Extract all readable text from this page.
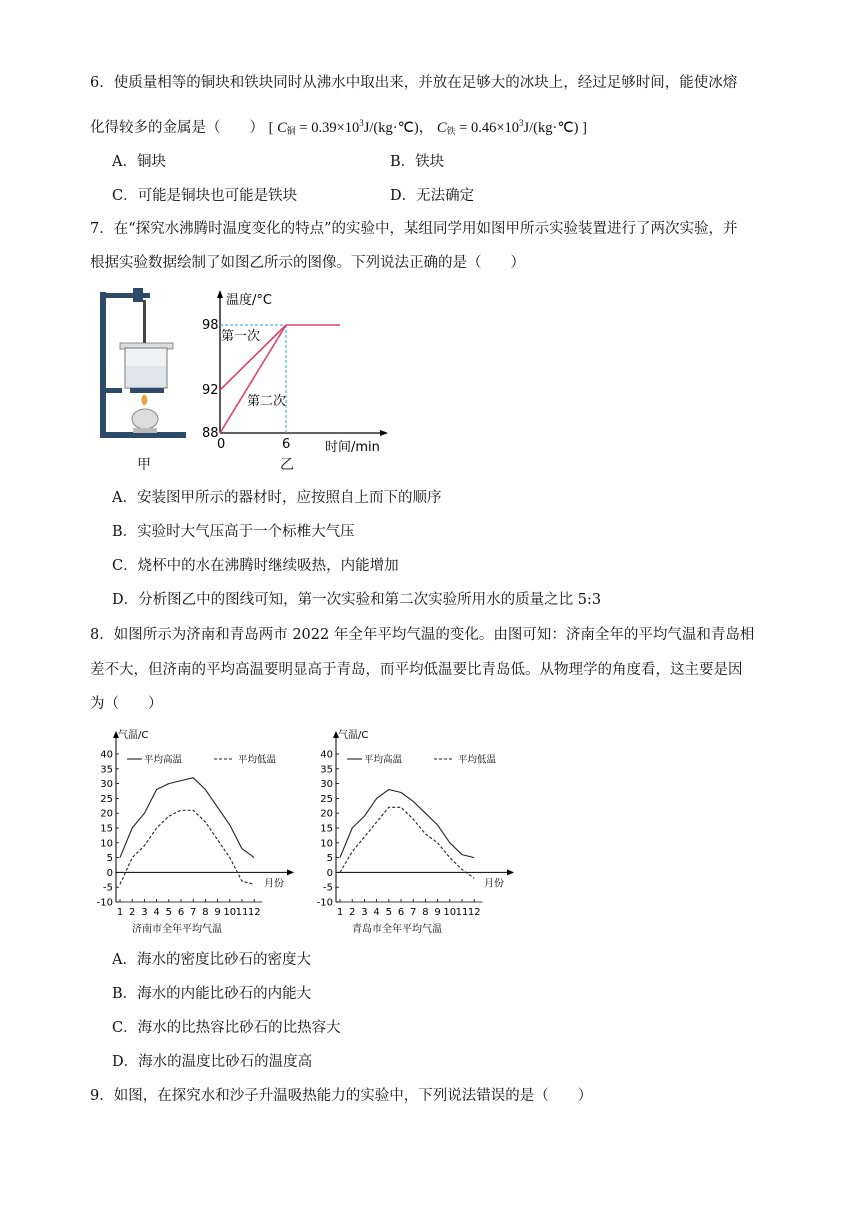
6．使质量相等的铜块和铁块同时从沸水中取出来，并放在足够大的冰块上，经过足够时间，能使冰熔
化得较多的金属是（　　） [ $C_铜$ = $0.39\times 10^3J/(kg\cdot℃)$， $C_铁$ = $0.46\times 10^3J/(kg\cdot℃)$ ]
A．铜块	B．铁块
C．可能是铜块也可能是铁块	D．无法确定
7．在“探究水沸腾时温度变化的特点”的实验中，某组同学用如图甲所示实验装置进行了两次实验，并
根据实验数据绘制了如图乙所示的图像。下列说法正确的是（　　）
甲
温度/°C
时间/min
98
92
88
0	6
第一次
第二次
乙
A．安装图甲所示的器材时，应按照自上而下的顺序
B．实验时大气压高于一个标椎大气压
C．烧杯中的水在沸腾时继续吸热，内能增加
D．分析图乙中的图线可知，第一次实验和第二次实验所用水的质量之比 5:3
8．如图所示为济南和青岛两市 2022 年全年平均气温的变化。由图可知：济南全年的平均气温和青岛相
差不大，但济南的平均高温要明显高于青岛，而平均低温要比青岛低。从物理学的角度看，这主要是因
为（　　）
气温/C
-10
-5
0
5
10
15
20
25
30
35
40
1 2 3 4 5 6 7 8 9 10 11 12
月份
平均高温	平均低温
济南市全年平均气温
气温/C
-10
-5
0
5
10
15
20
25
30
35
40
1 2 3 4 5 6 7 8 9 10 11 12
月份
平均高温	平均低温
青岛市全年平均气温
A．海水的密度比砂石的密度大
B．海水的内能比砂石的内能大
C．海水的比热容比砂石的比热容大
D．海水的温度比砂石的温度高
9．如图，在探究水和沙子升温吸热能力的实验中，下列说法错误的是（　　）
